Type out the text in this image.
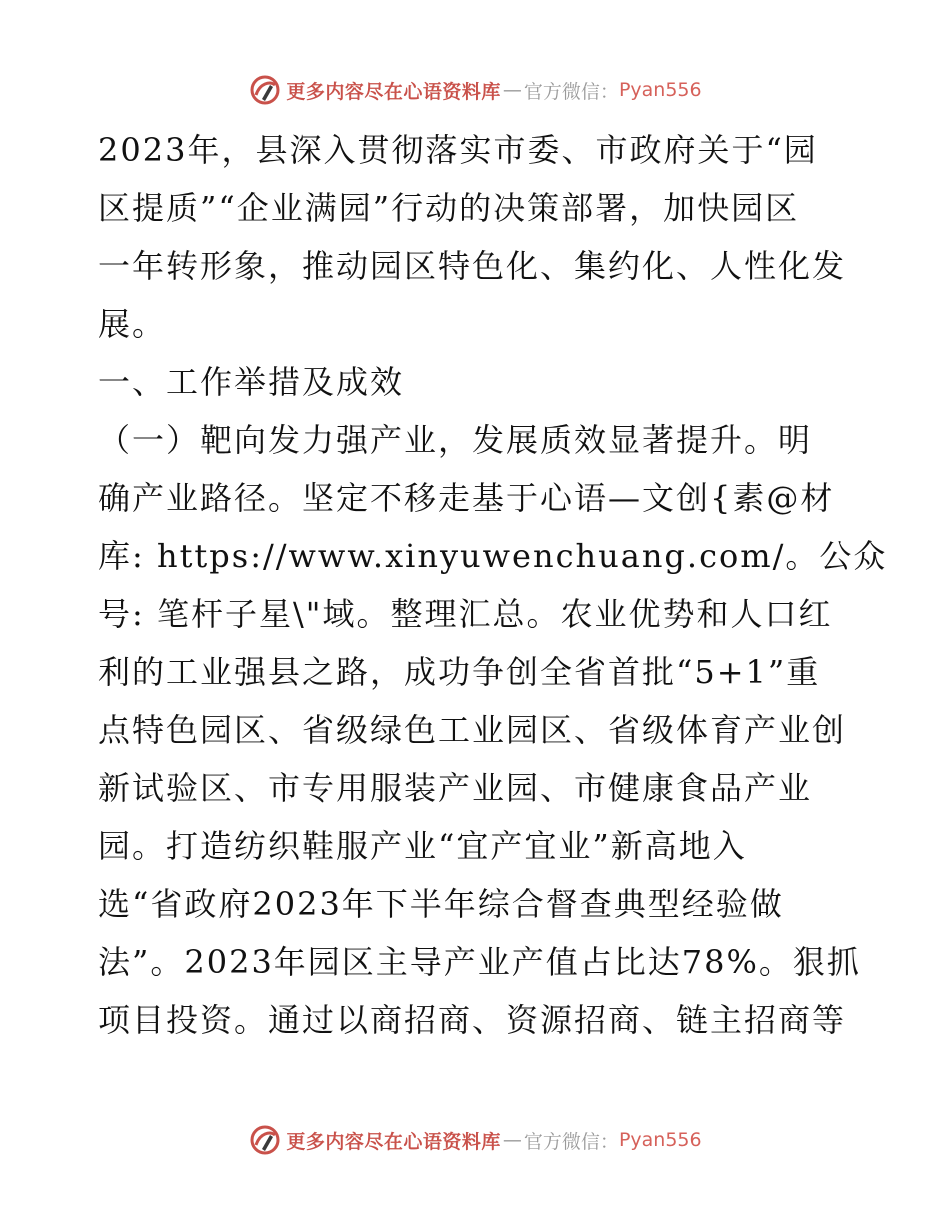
更多内容尽在心语资料库 — 官方微信： Pyan556
2023年，县深入贯彻落实市委、市政府关于“园
区提质”“企业满园”行动的决策部署，加快园区
一年转形象，推动园区特色化、集约化、人性化发
展。
一、工作举措及成效
（一）靶向发力强产业，发展质效显著提升。明
确产业路径。坚定不移走基于心语—文创{素@材
库: https://www.xinyuwenchuang.com/。公众
号: 笔杆子星\"域。整理汇总。农业优势和人口红
利的工业强县之路，成功争创全省首批“5+1”重
点特色园区、省级绿色工业园区、省级体育产业创
新试验区、市专用服装产业园、市健康食品产业
园。打造纺织鞋服产业“宜产宜业”新高地入
选“省政府2023年下半年综合督查典型经验做
法”。2023年园区主导产业产值占比达78%。狠抓
项目投资。通过以商招商、资源招商、链主招商等
更多内容尽在心语资料库 — 官方微信： Pyan556
